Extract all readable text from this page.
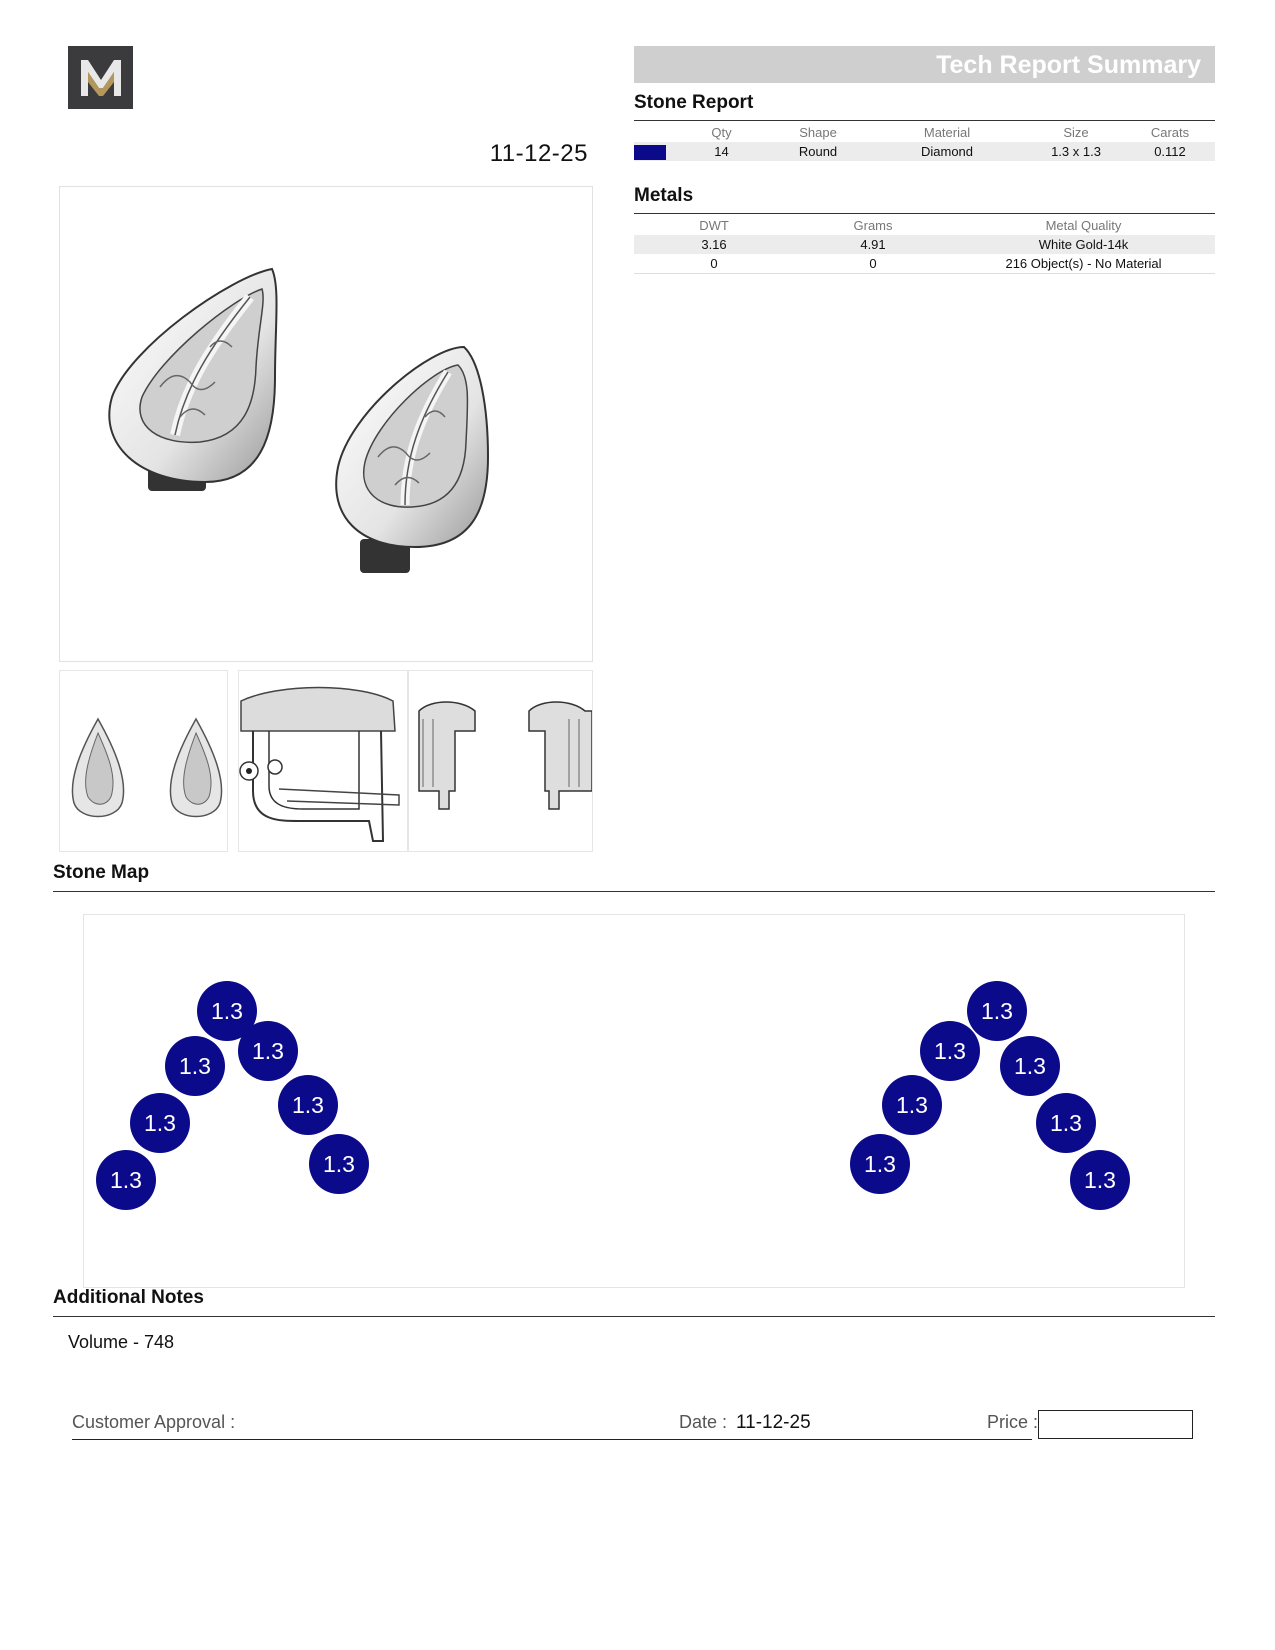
11-12-25
Tech Report Summary
Stone Report
	Qty	Shape	Material	Size	Carats
	14	Round	Diamond	1.3 x 1.3	0.112
Metals
DWT	Grams	Metal Quality
3.16	4.91	White Gold-14k
0	0	216 Object(s) - No Material
Stone Map
1.3
1.3
1.3
1.3
1.3
1.3
1.3
1.3
1.3
1.3
1.3
1.3
1.3
1.3
Additional Notes
Volume - 748
Customer Approval :	Date : 11-12-25	Price :
